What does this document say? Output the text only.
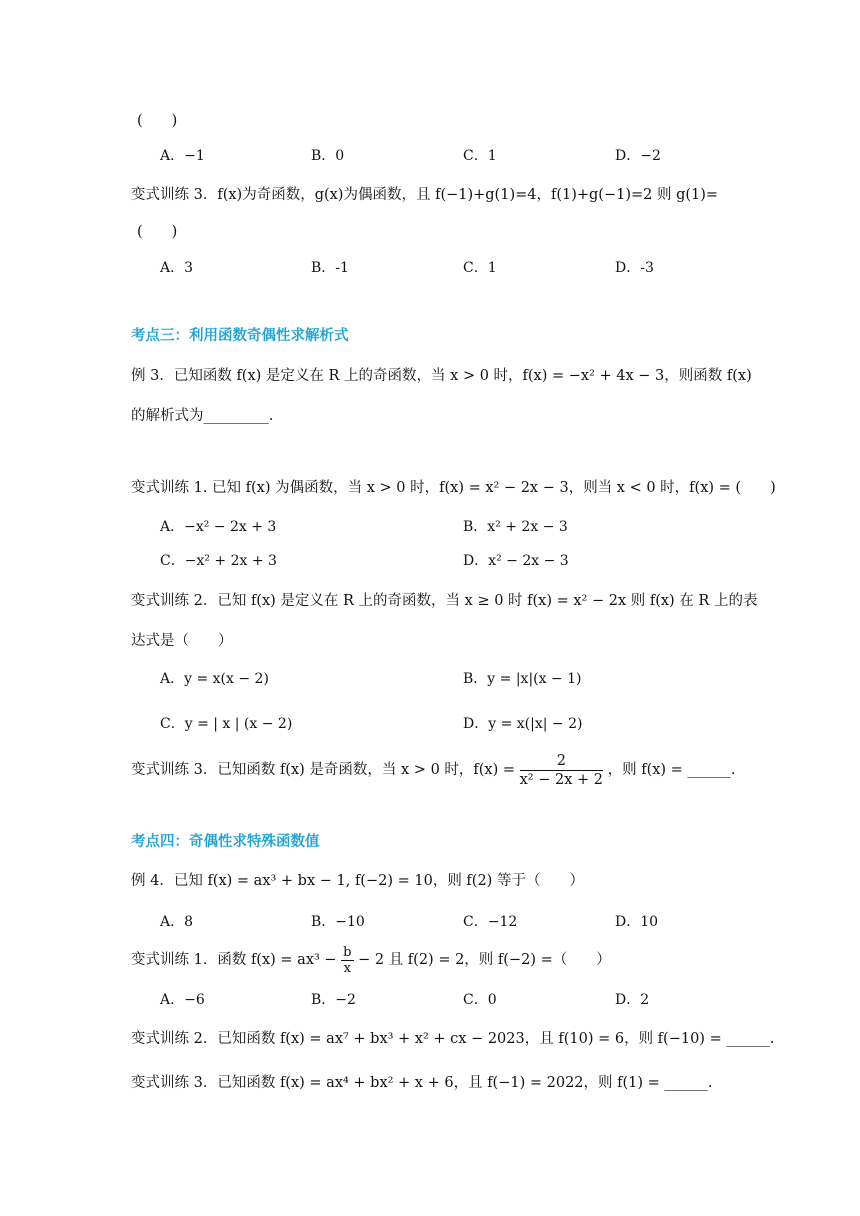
(　　)
A．−1	B．0	C．1	D．−2
变式训练 3．f(x)为奇函数，g(x)为偶函数，且 f(−1)+g(1)=4，f(1)+g(−1)=2 则 g(1)=
(　　)
A．3	B．-1	C．1	D．-3
考点三：利用函数奇偶性求解析式
例 3．已知函数 f(x) 是定义在 R 上的奇函数，当 x > 0 时，f(x) = −x² + 4x − 3，则函数 f(x)
的解析式为_________.
变式训练 1. 已知 f(x) 为偶函数，当 x > 0 时，f(x) = x² − 2x − 3，则当 x < 0 时，f(x) = (　　)
A．−x² − 2x + 3	B．x² + 2x − 3
C．−x² + 2x + 3	D．x² − 2x − 3
变式训练 2．已知 f(x) 是定义在 R 上的奇函数，当 x ≥ 0 时 f(x) = x² − 2x 则 f(x) 在 R 上的表
达式是（　　）
A．y = x(x − 2)	B．y = |x|(x − 1)
C．y = | x | (x − 2)	D．y = x(|x| − 2)
变式训练 3．已知函数 f(x) 是奇函数，当 x > 0 时，$f(x) = \frac{2}{\text{x² − 2x + 2}}$ ，则 f(x) = ______.
考点四：奇偶性求特殊函数值
例 4．已知 f(x) = ax³ + bx − 1, f(−2) = 10，则 f(2) 等于（　　）
A．8	B．−10	C．−12	D．10
变式训练 1．函数 $f(x) = ax^3 - \frac{b}{x} - 2$ 且 f(2) = 2，则 f(−2) =（　　）
A．−6	B．−2	C．0	D．2
变式训练 2．已知函数 f(x) = ax⁷ + bx³ + x² + cx − 2023，且 f(10) = 6，则 f(−10) = ______.
变式训练 3．已知函数 f(x) = ax⁴ + bx² + x + 6，且 f(−1) = 2022，则 f(1) = ______.
